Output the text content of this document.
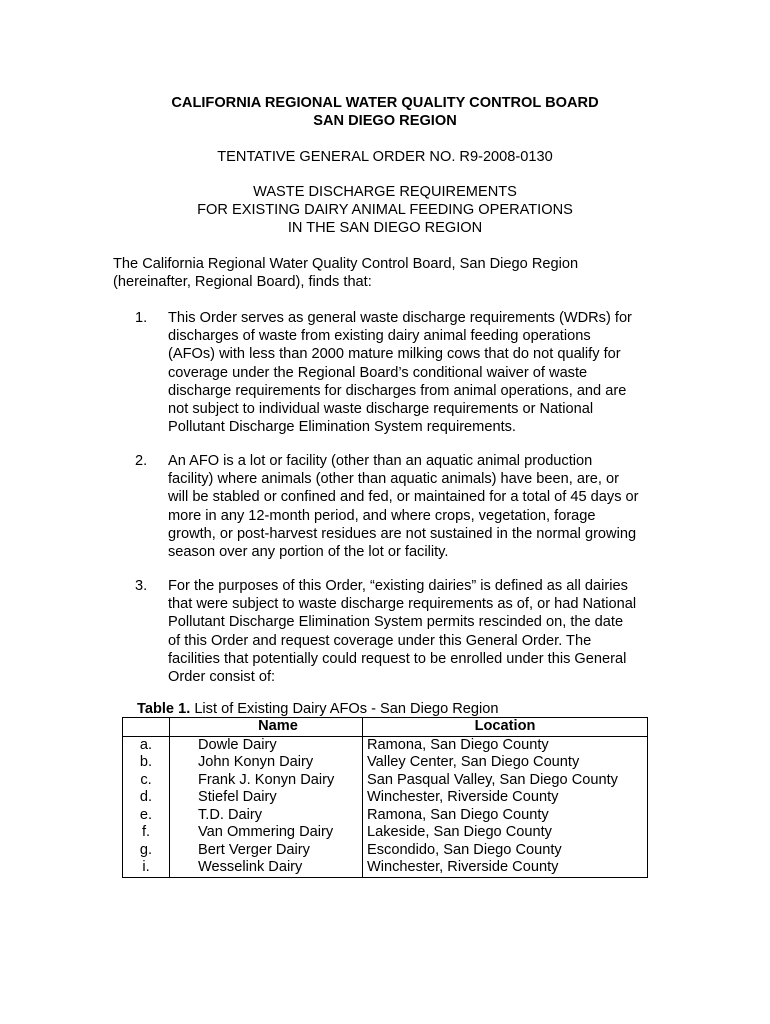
CALIFORNIA REGIONAL WATER QUALITY CONTROL BOARD
SAN DIEGO REGION
TENTATIVE GENERAL ORDER NO. R9-2008-0130
WASTE DISCHARGE REQUIREMENTS
FOR EXISTING DAIRY ANIMAL FEEDING OPERATIONS
IN THE SAN DIEGO REGION
The California Regional Water Quality Control Board, San Diego Region
(hereinafter, Regional Board), finds that:
1. This Order serves as general waste discharge requirements (WDRs) for
discharges of waste from existing dairy animal feeding operations
(AFOs) with less than 2000 mature milking cows that do not qualify for
coverage under the Regional Board’s conditional waiver of waste
discharge requirements for discharges from animal operations, and are
not subject to individual waste discharge requirements or National
Pollutant Discharge Elimination System requirements.
2. An AFO is a lot or facility (other than an aquatic animal production
facility) where animals (other than aquatic animals) have been, are, or
will be stabled or confined and fed, or maintained for a total of 45 days or
more in any 12-month period, and where crops, vegetation, forage
growth, or post-harvest residues are not sustained in the normal growing
season over any portion of the lot or facility.
3. For the purposes of this Order, “existing dairies” is defined as all dairies
that were subject to waste discharge requirements as of, or had National
Pollutant Discharge Elimination System permits rescinded on, the date
of this Order and request coverage under this General Order. The
facilities that potentially could request to be enrolled under this General
Order consist of:
Table 1. List of Existing Dairy AFOs - San Diego Region
	Name	Location
a.	Dowle Dairy	Ramona, San Diego County
b.	John Konyn Dairy	Valley Center, San Diego County
c.	Frank J. Konyn Dairy	San Pasqual Valley, San Diego County
d.	Stiefel Dairy	Winchester, Riverside County
e.	T.D. Dairy	Ramona, San Diego County
f.	Van Ommering Dairy	Lakeside, San Diego County
g.	Bert Verger Dairy	Escondido, San Diego County
i.	Wesselink Dairy	Winchester, Riverside County
